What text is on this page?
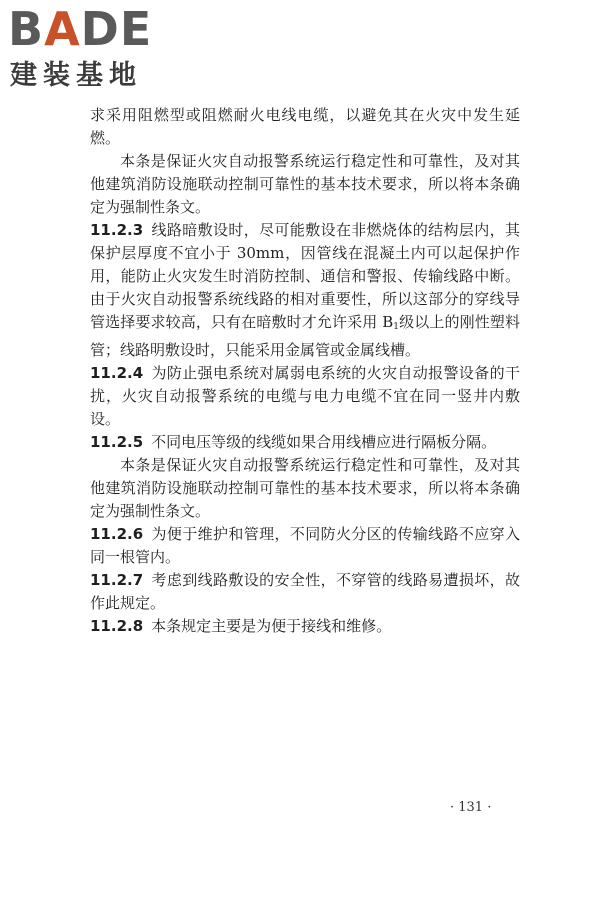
BADE
建装基地

求采用阻燃型或阻燃耐火电线电缆，以避免其在火灾中发生延燃。

本条是保证火灾自动报警系统运行稳定性和可靠性，及对其他建筑消防设施联动控制可靠性的基本技术要求，所以将本条确定为强制性条文。

11.2.3 线路暗敷设时，尽可能敷设在非燃烧体的结构层内，其保护层厚度不宜小于 30mm，因管线在混凝土内可以起保护作用，能防止火灾发生时消防控制、通信和警报、传输线路中断。由于火灾自动报警系统线路的相对重要性，所以这部分的穿线导管选择要求较高，只有在暗敷时才允许采用 $B_1$级以上的刚性塑料管；线路明敷设时，只能采用金属管或金属线槽。

11.2.4 为防止强电系统对属弱电系统的火灾自动报警设备的干扰，火灾自动报警系统的电缆与电力电缆不宜在同一竖井内敷设。

11.2.5 不同电压等级的线缆如果合用线槽应进行隔板分隔。

本条是保证火灾自动报警系统运行稳定性和可靠性，及对其他建筑消防设施联动控制可靠性的基本技术要求，所以将本条确定为强制性条文。

11.2.6 为便于维护和管理，不同防火分区的传输线路不应穿入同一根管内。

11.2.7 考虑到线路敷设的安全性，不穿管的线路易遭损坏，故作此规定。

11.2.8 本条规定主要是为便于接线和维修。

· 131 ·
